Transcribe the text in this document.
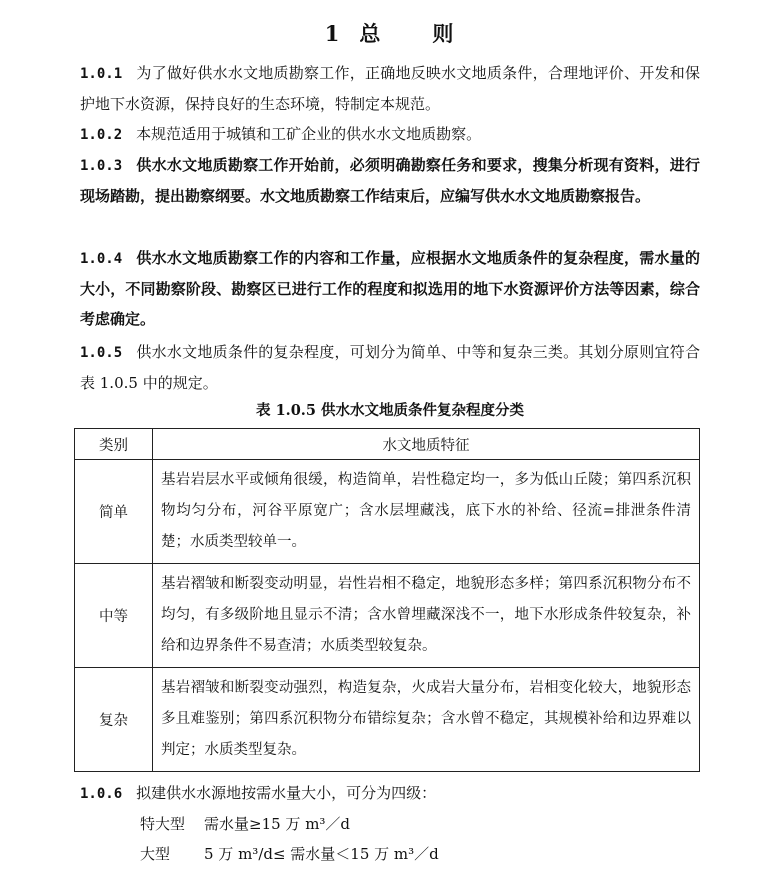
1 总 则
1.0.1 为了做好供水水文地质勘察工作，正确地反映水文地质条件，合理地评价、开发和保护地下水资源，保持良好的生态环境，特制定本规范。
1.0.2 本规范适用于城镇和工矿企业的供水水文地质勘察。
1.0.3 供水水文地质勘察工作开始前，必须明确勘察任务和要求，搜集分析现有资料，进行现场踏勘，提出勘察纲要。水文地质勘察工作结束后，应编写供水水文地质勘察报告。
1.0.4 供水水文地质勘察工作的内容和工作量，应根据水文地质条件的复杂程度，需水量的大小，不同勘察阶段、勘察区已进行工作的程度和拟选用的地下水资源评价方法等因素，综合考虑确定。
1.0.5 供水水文地质条件的复杂程度，可划分为简单、中等和复杂三类。其划分原则宜符合表 1.0.5 中的规定。
表 1.0.5 供水水文地质条件复杂程度分类
类别	水文地质特征
简单	基岩岩层水平或倾角很缓，构造简单，岩性稳定均一，多为低山丘陵；第四系沉积物均匀分布，河谷平原宽广；含水层埋藏浅，底下水的补给、径流=排泄条件清楚；水质类型较单一。
中等	基岩褶皱和断裂变动明显，岩性岩相不稳定，地貌形态多样；第四系沉积物分布不均匀，有多级阶地且显示不清；含水曾埋藏深浅不一，地下水形成条件较复杂，补给和边界条件不易查清；水质类型较复杂。
复杂	基岩褶皱和断裂变动强烈，构造复杂，火成岩大量分布，岩相变化较大，地貌形态多且难鉴别；第四系沉积物分布错综复杂；含水曾不稳定，其规模补给和边界难以判定；水质类型复杂。
1.0.6 拟建供水水源地按需水量大小，可分为四级：
特大型 需水量≥15 万 m³／d
大型 5 万 m³/d≤ 需水量＜15 万 m³／d
